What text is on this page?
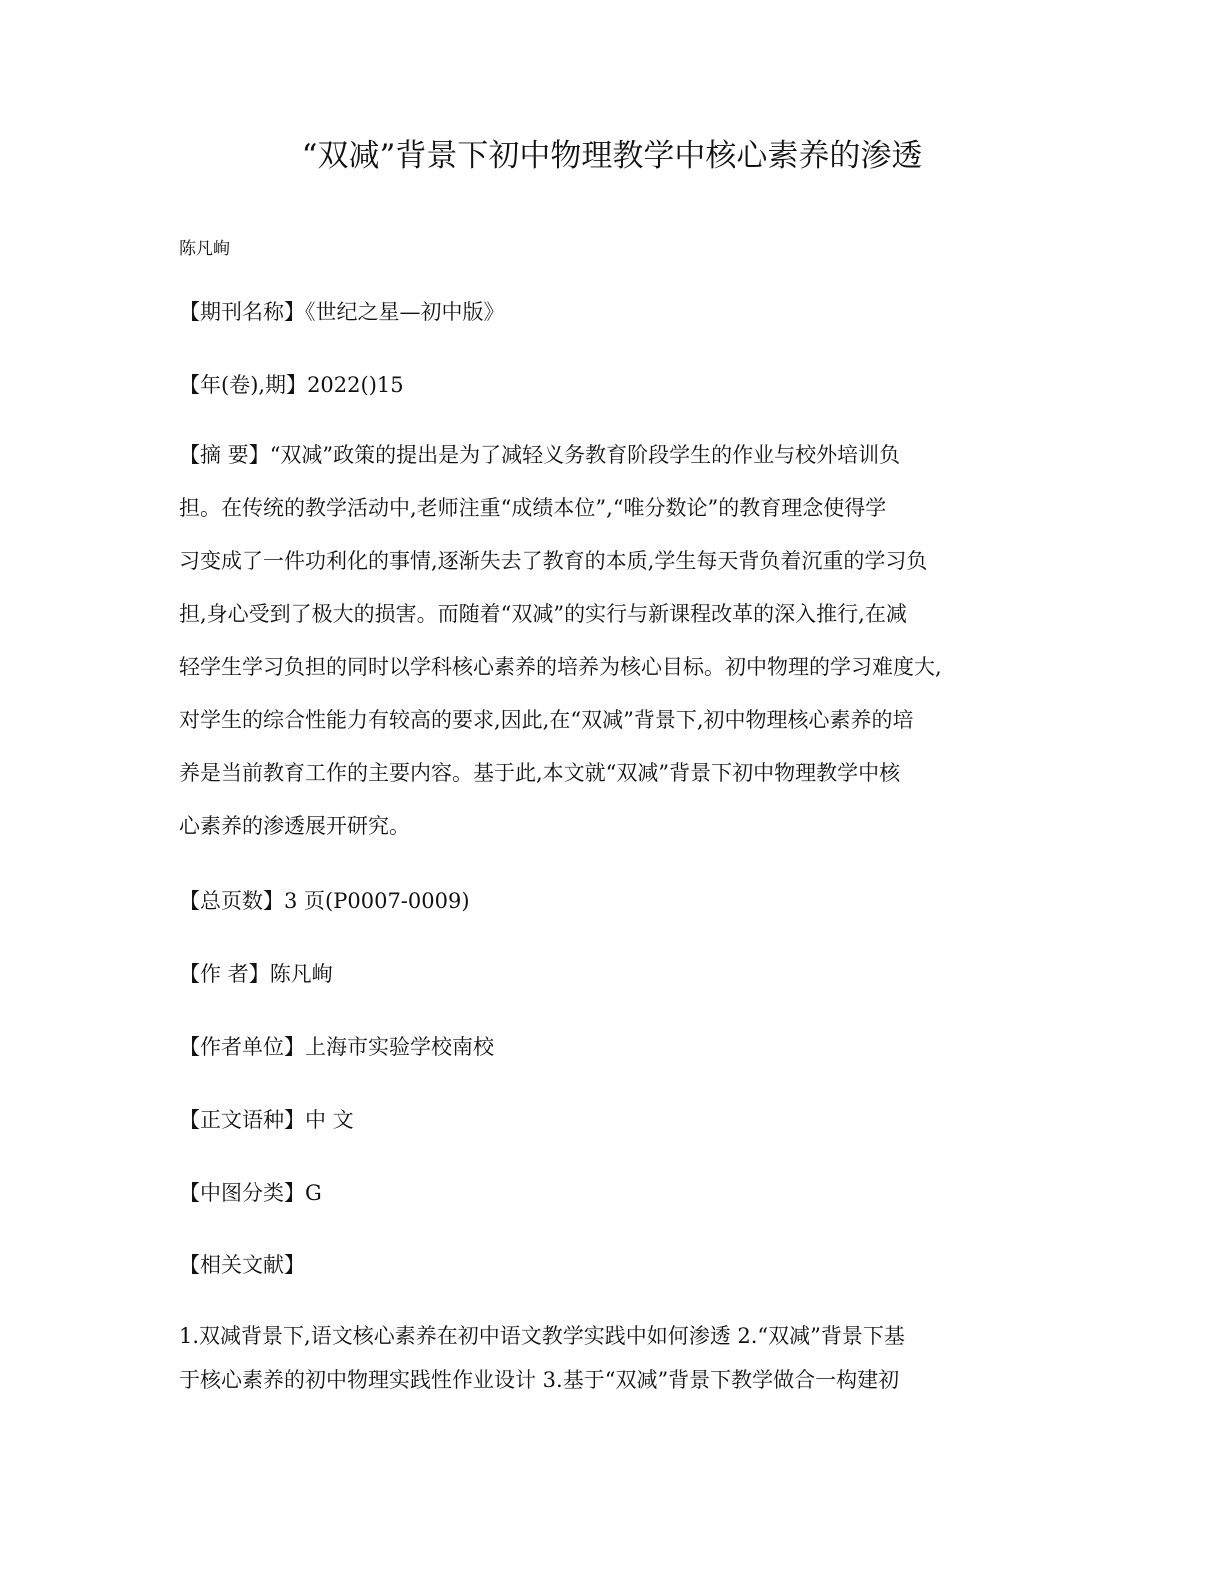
“双减”背景下初中物理教学中核心素养的渗透
陈凡峋
【期刊名称】《世纪之星—初中版》
【年(卷),期】2022()15
【摘 要】“双减”政策的提出是为了减轻义务教育阶段学生的作业与校外培训负
担。在传统的教学活动中,老师注重“成绩本位”,“唯分数论”的教育理念使得学
习变成了一件功利化的事情,逐渐失去了教育的本质,学生每天背负着沉重的学习负
担,身心受到了极大的损害。而随着“双减”的实行与新课程改革的深入推行,在减
轻学生学习负担的同时以学科核心素养的培养为核心目标。初中物理的学习难度大,
对学生的综合性能力有较高的要求,因此,在“双减”背景下,初中物理核心素养的培
养是当前教育工作的主要内容。基于此,本文就“双减”背景下初中物理教学中核
心素养的渗透展开研究。
【总页数】3 页(P0007-0009)
【作 者】陈凡峋
【作者单位】上海市实验学校南校
【正文语种】中 文
【中图分类】G
【相关文献】
1.双减背景下,语文核心素养在初中语文教学实践中如何渗透 2.“双减”背景下基
于核心素养的初中物理实践性作业设计 3.基于“双减”背景下教学做合一构建初
